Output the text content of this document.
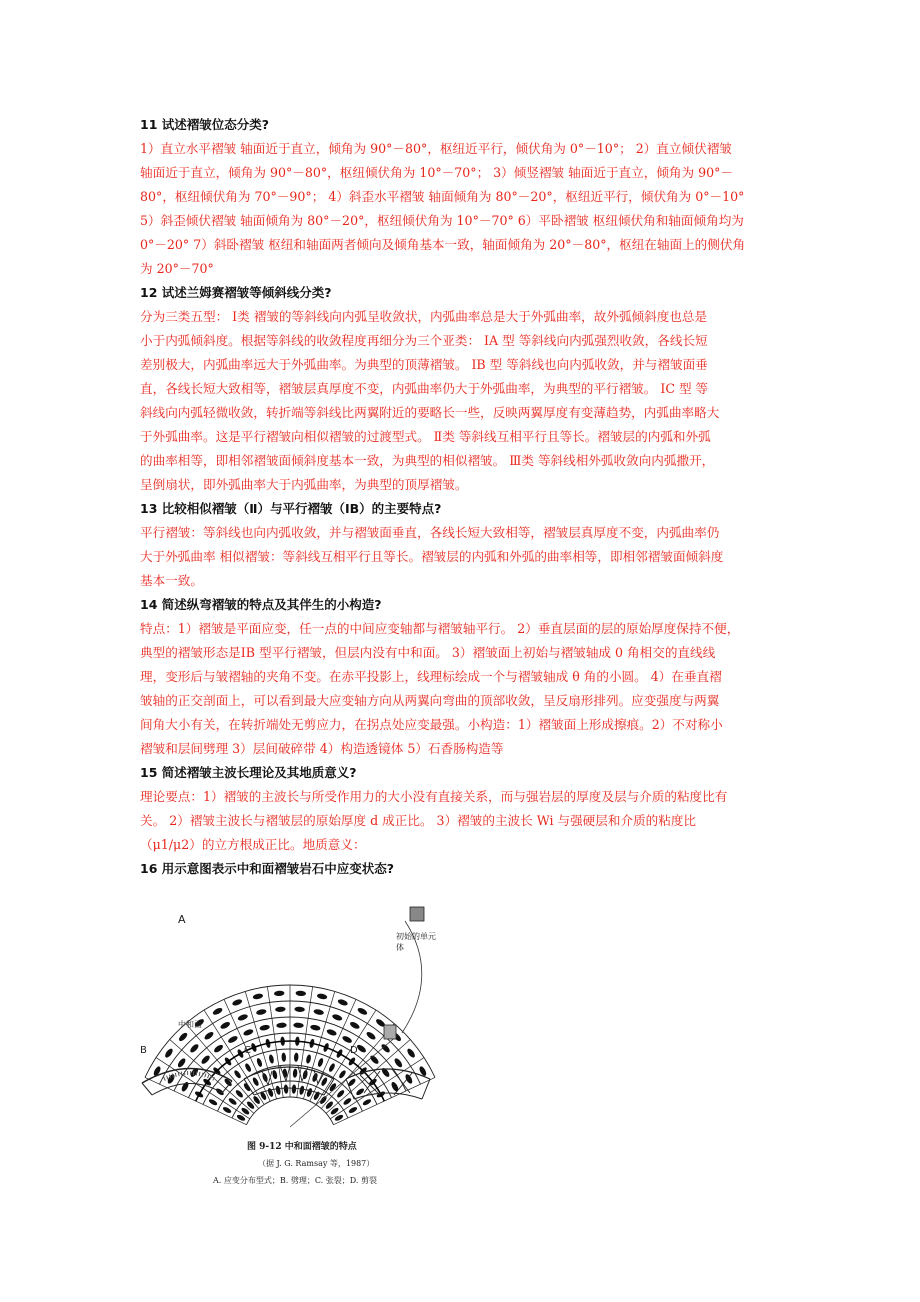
11 试述褶皱位态分类?

1）直立水平褶皱 轴面近于直立，倾角为 90°－80°，枢纽近平行，倾伏角为 0°－10°； 2）直立倾伏褶皱
轴面近于直立，倾角为 90°－80°，枢纽倾伏角为 10°－70°； 3）倾竖褶皱 轴面近于直立，倾角为 90°－
80°，枢纽倾伏角为 70°－90°； 4）斜歪水平褶皱 轴面倾角为 80°－20°，枢纽近平行，倾伏角为 0°－10°
5）斜歪倾伏褶皱 轴面倾角为 80°－20°，枢纽倾伏角为 10°－70° 6）平卧褶皱 枢纽倾伏角和轴面倾角均为
0°－20° 7）斜卧褶皱 枢纽和轴面两者倾向及倾角基本一致，轴面倾角为 20°－80°，枢纽在轴面上的侧伏角
为 20°－70°

12 试述兰姆赛褶皱等倾斜线分类?

分为三类五型： Ⅰ类 褶皱的等斜线向内弧呈收敛状，内弧曲率总是大于外弧曲率，故外弧倾斜度也总是
小于内弧倾斜度。根据等斜线的收敛程度再细分为三个亚类： ⅠA 型 等斜线向内弧强烈收敛，各线长短
差别极大，内弧曲率远大于外弧曲率。为典型的顶薄褶皱。 ⅠB 型 等斜线也向内弧收敛，并与褶皱面垂
直，各线长短大致相等，褶皱层真厚度不变，内弧曲率仍大于外弧曲率，为典型的平行褶皱。 ⅠC 型 等
斜线向内弧轻微收敛，转折端等斜线比两翼附近的要略长一些，反映两翼厚度有变薄趋势，内弧曲率略大
于外弧曲率。这是平行褶皱向相似褶皱的过渡型式。 Ⅱ类 等斜线互相平行且等长。褶皱层的内弧和外弧
的曲率相等，即相邻褶皱面倾斜度基本一致，为典型的相似褶皱。 Ⅲ类 等斜线相外弧收敛向内弧撒开，
呈倒扇状，即外弧曲率大于内弧曲率，为典型的顶厚褶皱。

13 比较相似褶皱（Ⅱ）与平行褶皱（IB）的主要特点?

平行褶皱：等斜线也向内弧收敛，并与褶皱面垂直，各线长短大致相等，褶皱层真厚度不变，内弧曲率仍
大于外弧曲率 相似褶皱：等斜线互相平行且等长。褶皱层的内弧和外弧的曲率相等，即相邻褶皱面倾斜度
基本一致。

14 简述纵弯褶皱的特点及其伴生的小构造?

特点：1）褶皱是平面应变，任一点的中间应变轴都与褶皱轴平行。 2）垂直层面的层的原始厚度保持不便，
典型的褶皱形态是ⅠB 型平行褶皱，但层内没有中和面。 3）褶皱面上初始与褶皱轴成 0 角相交的直线线
理，变形后与皱褶轴的夹角不变。在赤平投影上，线理标绘成一个与褶皱轴成 θ 角的小圆。 4）在垂直褶
皱轴的正交剖面上，可以看到最大应变轴方向从两翼向弯曲的顶部收敛，呈反扇形排列。应变强度与两翼
间角大小有关，在转折端处无剪应力，在拐点处应变最强。小构造：1）褶皱面上形成擦痕。2）不对称小
褶皱和层间劈理 3）层间破碎带 4）构造透镜体 5）石香肠构造等

15 简述褶皱主波长理论及其地质意义?

理论要点：1）褶皱的主波长与所受作用力的大小没有直接关系，而与强岩层的厚度及层与介质的粘度比有
关。 2）褶皱主波长与褶皱层的原始厚度 d 成正比。 3）褶皱的主波长 Wi 与强硬层和介质的粘度比
（μ1/μ2）的立方根成正比。地质意义：

16 用示意图表示中和面褶皱岩石中应变状态?

A
B	C	D
中和面
初始的单元体
图 9-12 中和面褶皱的特点
（据 J. G. Ramsay 等，1987）
A. 应变分布型式；B. 劈理；C. 张裂；D. 剪裂
